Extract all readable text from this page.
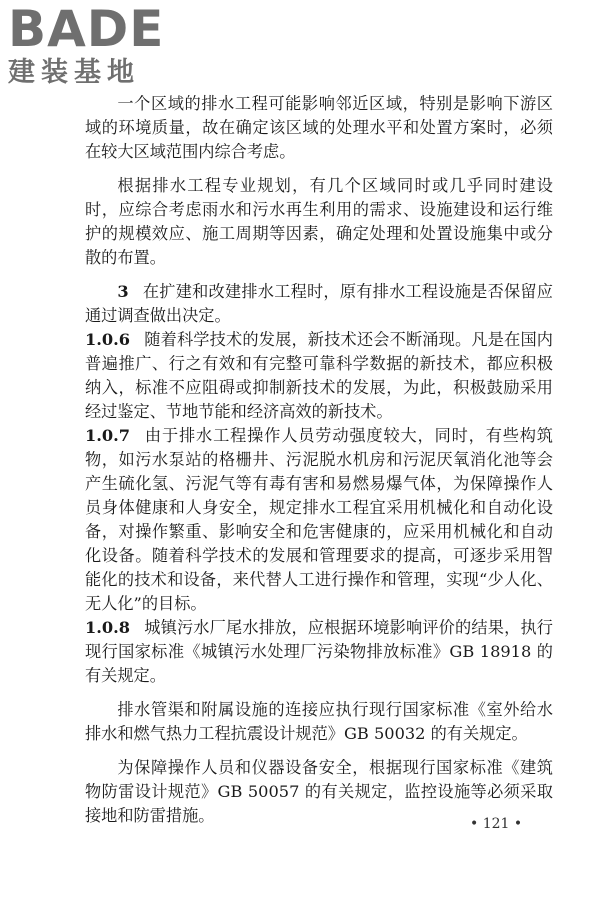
BADE
建装基地

一个区域的排水工程可能影响邻近区域，特别是影响下游区域的环境质量，故在确定该区域的处理水平和处置方案时，必须在较大区域范围内综合考虑。

根据排水工程专业规划，有几个区域同时或几乎同时建设时，应综合考虑雨水和污水再生利用的需求、设施建设和运行维护的规模效应、施工周期等因素，确定处理和处置设施集中或分散的布置。

3 在扩建和改建排水工程时，原有排水工程设施是否保留应通过调查做出决定。

1.0.6 随着科学技术的发展，新技术还会不断涌现。凡是在国内普遍推广、行之有效和有完整可靠科学数据的新技术，都应积极纳入，标准不应阻碍或抑制新技术的发展，为此，积极鼓励采用经过鉴定、节地节能和经济高效的新技术。

1.0.7 由于排水工程操作人员劳动强度较大，同时，有些构筑物，如污水泵站的格栅井、污泥脱水机房和污泥厌氧消化池等会产生硫化氢、污泥气等有毒有害和易燃易爆气体，为保障操作人员身体健康和人身安全，规定排水工程宜采用机械化和自动化设备，对操作繁重、影响安全和危害健康的，应采用机械化和自动化设备。随着科学技术的发展和管理要求的提高，可逐步采用智能化的技术和设备，来代替人工进行操作和管理，实现“少人化、无人化”的目标。

1.0.8 城镇污水厂尾水排放，应根据环境影响评价的结果，执行现行国家标准《城镇污水处理厂污染物排放标准》GB 18918 的有关规定。

排水管渠和附属设施的连接应执行现行国家标准《室外给水排水和燃气热力工程抗震设计规范》GB 50032 的有关规定。

为保障操作人员和仪器设备安全，根据现行国家标准《建筑物防雷设计规范》GB 50057 的有关规定，监控设施等必须采取接地和防雷措施。	• 121 •
